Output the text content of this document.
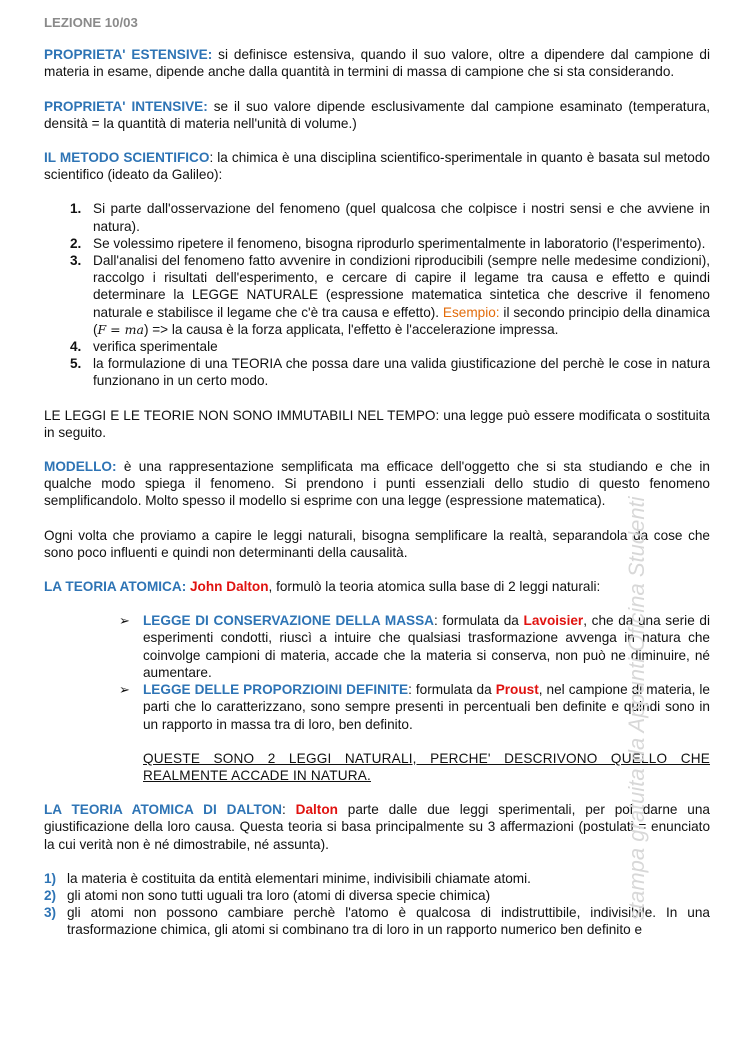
LEZIONE 10/03

PROPRIETA' ESTENSIVE: si definisce estensiva, quando il suo valore, oltre a dipendere dal campione di materia in esame, dipende anche dalla quantità in termini di massa di campione che si sta considerando.

PROPRIETA' INTENSIVE: se il suo valore dipende esclusivamente dal campione esaminato (temperatura, densità = la quantità di materia nell'unità di volume.)

IL METODO SCIENTIFICO: la chimica è una disciplina scientifico-sperimentale in quanto è basata sul metodo scientifico (ideato da Galileo):

1. Si parte dall'osservazione del fenomeno (quel qualcosa che colpisce i nostri sensi e che avviene in natura).
2. Se volessimo ripetere il fenomeno, bisogna riprodurlo sperimentalmente in laboratorio (l'esperimento).
3. Dall'analisi del fenomeno fatto avvenire in condizioni riproducibili (sempre nelle medesime condizioni), raccolgo i risultati dell'esperimento, e cercare di capire il legame tra causa e effetto e quindi determinare la LEGGE NATURALE (espressione matematica sintetica che descrive il fenomeno naturale e stabilisce il legame che c'è tra causa e effetto). Esempio: il secondo principio della dinamica (F = ma) => la causa è la forza applicata, l'effetto è l'accelerazione impressa.
4. verifica sperimentale
5. la formulazione di una TEORIA che possa dare una valida giustificazione del perchè le cose in natura funzionano in un certo modo.

LE LEGGI E LE TEORIE NON SONO IMMUTABILI NEL TEMPO: una legge può essere modificata o sostituita in seguito.

MODELLO: è una rappresentazione semplificata ma efficace dell'oggetto che si sta studiando e che in qualche modo spiega il fenomeno. Si prendono i punti essenziali dello studio di questo fenomeno semplificandolo. Molto spesso il modello si esprime con una legge (espressione matematica).

Ogni volta che proviamo a capire le leggi naturali, bisogna semplificare la realtà, separandola da cose che sono poco influenti e quindi non determinanti della causalità.

LA TEORIA ATOMICA: John Dalton, formulò la teoria atomica sulla base di 2 leggi naturali:

➢ LEGGE DI CONSERVAZIONE DELLA MASSA: formulata da Lavoisier, che da una serie di esperimenti condotti, riuscì a intuire che qualsiasi trasformazione avvenga in natura che coinvolge campioni di materia, accade che la materia si conserva, non può ne diminuire, né aumentare.
➢ LEGGE DELLE PROPORZIOINI DEFINITE: formulata da Proust, nel campione di materia, le parti che lo caratterizzano, sono sempre presenti in percentuali ben definite e quindi sono in un rapporto in massa tra di loro, ben definito.
QUESTE SONO 2 LEGGI NATURALI, PERCHE' DESCRIVONO QUELLO CHE REALMENTE ACCADE IN NATURA.

LA TEORIA ATOMICA DI DALTON: Dalton parte dalle due leggi sperimentali, per poi darne una giustificazione della loro causa. Questa teoria si basa principalmente su 3 affermazioni (postulati = enunciato la cui verità non è né dimostrabile, né assunta).

1) la materia è costituita da entità elementari minime, indivisibili chiamate atomi.
2) gli atomi non sono tutti uguali tra loro (atomi di diversa specie chimica)
3) gli atomi non possono cambiare perchè l'atomo è qualcosa di indistruttibile, indivisibile. In una trasformazione chimica, gli atomi si combinano tra di loro in un rapporto numerico ben definito e
stampa gratuita da Appunti Oficina Studenti
